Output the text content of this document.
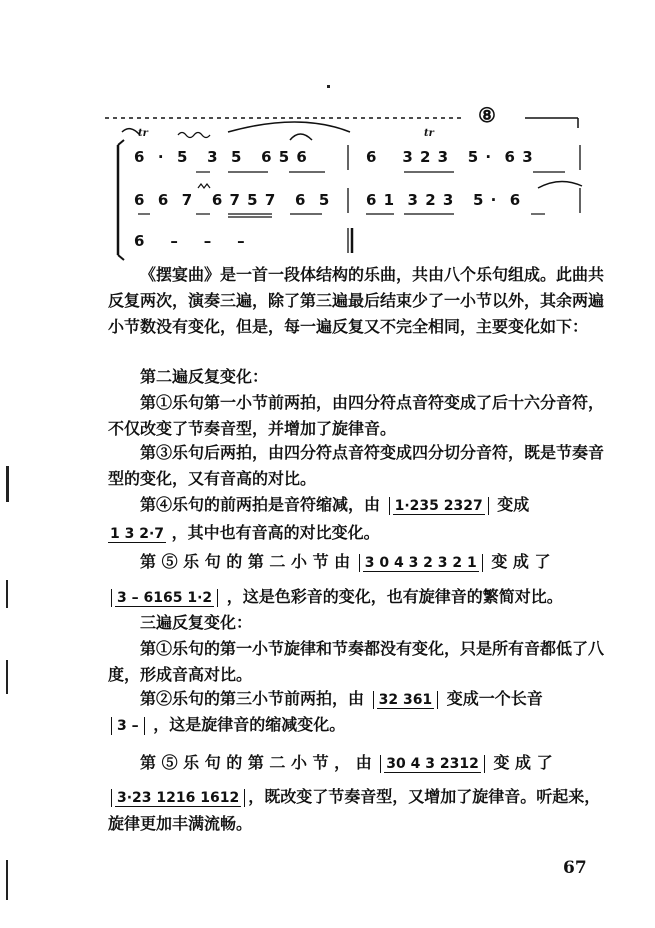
⑧
tr	tr
6  ·  5   3  5   6 5 6	6    3 2 3   5 ·  6 3
6  6  7   6 7 5 7   6  5 6 1  3 2 3   5 ·  6
6    –    –    –
《摆宴曲》是一首一段体结构的乐曲，共由八个乐句组成。此曲共反复两次，演奏三遍，除了第三遍最后结束少了一小节以外，其余两遍小节数没有变化，但是，每一遍反复又不完全相同，主要变化如下：
第二遍反复变化：
第①乐句第一小节前两拍，由四分符点音符变成了后十六分音符，不仅改变了节奏音型，并增加了旋律音。
第③乐句后两拍，由四分符点音符变成四分切分音符，既是节奏音型的变化，又有音高的对比。
第④乐句的前两拍是音符缩减，由 1·235 2327 变成
1 3 2·7 ，其中也有音高的对比变化。
第 ⑤ 乐 句 的 第 二 小 节 由 3 0 4 3 2 3 2 1 变 成 了
3 – 6165 1·2 ，这是色彩音的变化，也有旋律音的繁简对比。
三遍反复变化：
第①乐句的第一小节旋律和节奏都没有变化，只是所有音都低了八度，形成音高对比。
第②乐句的第三小节前两拍，由 32 361 变成一个长音
3 – ，这是旋律音的缩减变化。
第 ⑤ 乐 句 的 第 二 小 节 ， 由 30 4 3 2312 变 成 了
3·23 1216 1612 ，既改变了节奏音型，又增加了旋律音。听起来，旋律更加丰满流畅。
67
